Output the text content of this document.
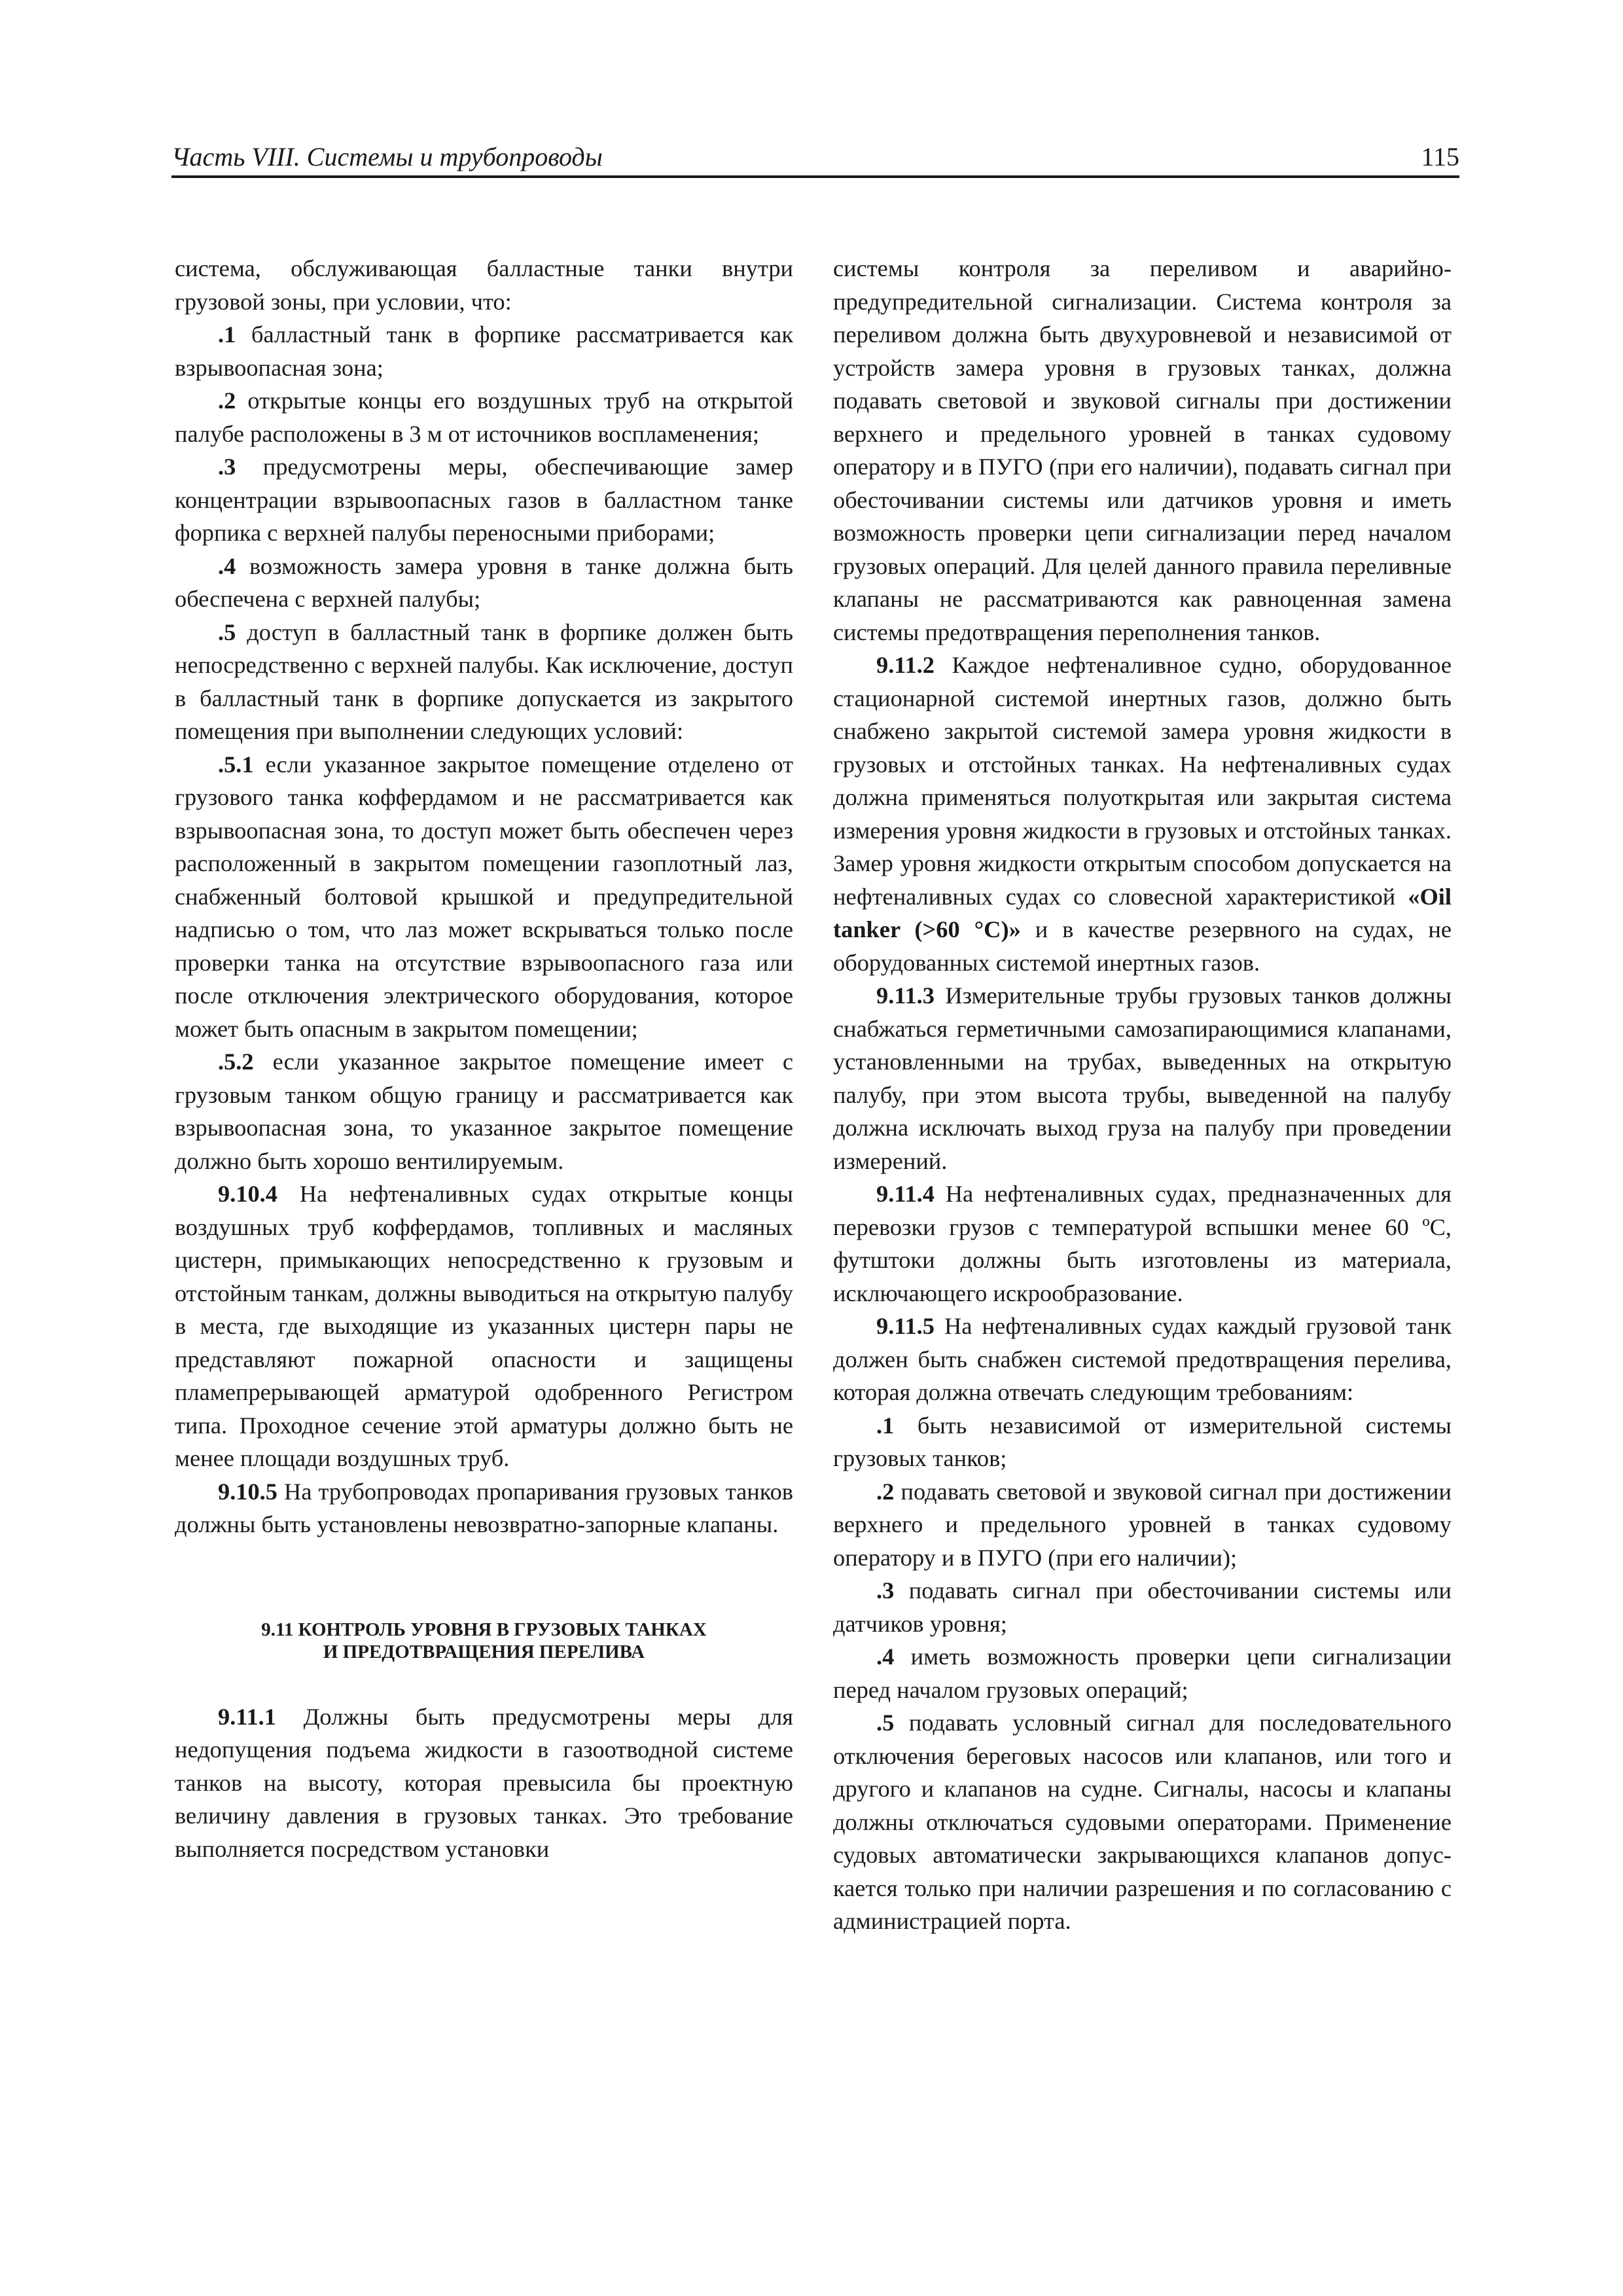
Часть VIII. Системы и трубопроводы	115

система, обслуживающая балластные танки внутри грузовой зоны, при условии, что:

.1 балластный танк в форпике рассматривается как взрывоопасная зона;

.2 открытые концы его воздушных труб на открытой палубе расположены в 3 м от источников воспламенения;

.3 предусмотрены меры, обеспечивающие замер концентрации взрывоопасных газов в балластном танке форпика с верхней палубы переносными приборами;

.4 возможность замера уровня в танке должна быть обеспечена с верхней палубы;

.5 доступ в балластный танк в форпике должен быть непосредственно с верхней палубы. Как исключение, доступ в балластный танк в форпике допускается из закрытого помещения при выполнении следующих условий:

.5.1 если указанное закрытое помещение отделено от грузового танка коффердамом и не рассматривается как взрывоопасная зона, то доступ может быть обеспечен через расположенный в закрытом помещении газоплотный лаз, снабженный болтовой крышкой и предупредительной надписью о том, что лаз может вскрываться только после проверки танка на отсутствие взрывоопасного газа или после отключения электрического оборудования, которое может быть опасным в закрытом помещении;

.5.2 если указанное закрытое помещение имеет с грузовым танком общую границу и рассматривается как взрывоопасная зона, то указанное закрытое помещение должно быть хорошо вентилируемым.

9.10.4 На нефтеналивных судах открытые концы воздушных труб коффердамов, топливных и масляных цистерн, примыкающих непосредственно к грузовым и отстойным танкам, должны выводиться на открытую палубу в места, где выходящие из указанных цистерн пары не представляют пожарной опасности и защищены пламепрерывающей арматурой одобренного Регистром типа. Проходное сечение этой арматуры должно быть не менее площади воздушных труб.

9.10.5 На трубопроводах пропаривания грузовых танков должны быть установлены невозвратно-запорные клапаны.

9.11 КОНТРОЛЬ УРОВНЯ В ГРУЗОВЫХ ТАНКАХ
И ПРЕДОТВРАЩЕНИЯ ПЕРЕЛИВА

9.11.1 Должны быть предусмотрены меры для недопущения подъема жидкости в газоотводной системе танков на высоту, которая превысила бы проектную величину давления в грузовых танках. Это требование выполняется посредством установки

системы контроля за переливом и аварийно-предупредительной сигнализации. Система контроля за переливом должна быть двухуровневой и независимой от устройств замера уровня в грузовых танках, должна подавать световой и звуковой сигналы при достижении верхнего и предельного уровней в танках судовому оператору и в ПУГО (при его наличии), подавать сигнал при обесточивании системы или датчиков уровня и иметь возможность проверки цепи сигнализации перед началом грузовых операций. Для целей данного правила переливные клапаны не рассматриваются как равноценная замена системы предотвращения переполнения танков.

9.11.2 Каждое нефтеналивное судно, оборудованное стационарной системой инертных газов, должно быть снабжено закрытой системой замера уровня жидкости в грузовых и отстойных танках. На нефтеналивных судах должна применяться полуоткрытая или закрытая система измерения уровня жидкости в грузовых и отстойных танках. Замер уровня жидкости открытым способом допускается на нефтеналивных судах со словесной характеристикой «Oil tanker (>60 °C)» и в качестве резервного на судах, не оборудованных системой инертных газов.

9.11.3 Измерительные трубы грузовых танков должны снабжаться герметичными самозапирающимися клапанами, установленными на трубах, выведенных на открытую палубу, при этом высота трубы, выведенной на палубу должна исключать выход груза на палубу при проведении измерений.

9.11.4 На нефтеналивных судах, предназначенных для перевозки грузов с температурой вспышки менее 60 ºС, футштоки должны быть изготовлены из материала, исключающего искрообразование.

9.11.5 На нефтеналивных судах каждый грузовой танк должен быть снабжен системой предотвращения перелива, которая должна отвечать следующим требованиям:

.1 быть независимой от измерительной системы грузовых танков;

.2 подавать световой и звуковой сигнал при достижении верхнего и предельного уровней в танках судовому оператору и в ПУГО (при его наличии);

.3 подавать сигнал при обесточивании системы или датчиков уровня;

.4 иметь возможность проверки цепи сигнализации перед началом грузовых операций;

.5 подавать условный сигнал для последовательного отключения береговых насосов или клапанов, или того и другого и клапанов на судне. Сигналы, насосы и клапаны должны отключаться судовыми операторами. Применение судовых автоматически закрывающихся клапанов допускается только при наличии разрешения и по согласованию с администрацией порта.
